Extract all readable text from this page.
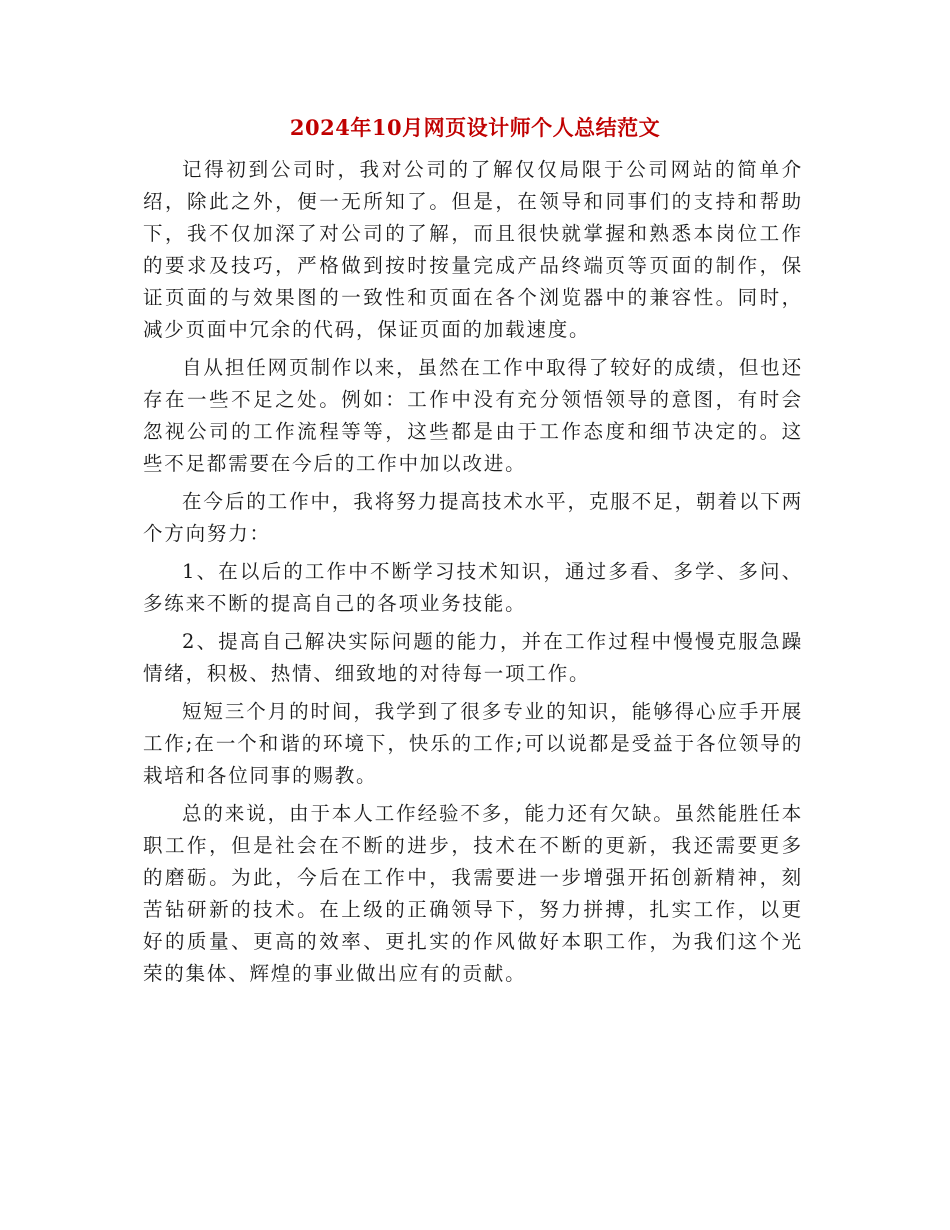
2024年10月网页设计师个人总结范文

记得初到公司时，我对公司的了解仅仅局限于公司网站的简单介绍，除此之外，便一无所知了。但是，在领导和同事们的支持和帮助下，我不仅加深了对公司的了解，而且很快就掌握和熟悉本岗位工作的要求及技巧，严格做到按时按量完成产品终端页等页面的制作，保证页面的与效果图的一致性和页面在各个浏览器中的兼容性。同时，减少页面中冗余的代码，保证页面的加载速度。

自从担任网页制作以来，虽然在工作中取得了较好的成绩，但也还存在一些不足之处。例如：工作中没有充分领悟领导的意图，有时会忽视公司的工作流程等等，这些都是由于工作态度和细节决定的。这些不足都需要在今后的工作中加以改进。

在今后的工作中，我将努力提高技术水平，克服不足，朝着以下两个方向努力：

1、在以后的工作中不断学习技术知识，通过多看、多学、多问、多练来不断的提高自己的各项业务技能。

2、提高自己解决实际问题的能力，并在工作过程中慢慢克服急躁情绪，积极、热情、细致地的对待每一项工作。

短短三个月的时间，我学到了很多专业的知识，能够得心应手开展工作;在一个和谐的环境下，快乐的工作;可以说都是受益于各位领导的栽培和各位同事的赐教。

总的来说，由于本人工作经验不多，能力还有欠缺。虽然能胜任本职工作，但是社会在不断的进步，技术在不断的更新，我还需要更多的磨砺。为此，今后在工作中，我需要进一步增强开拓创新精神，刻苦钻研新的技术。在上级的正确领导下，努力拼搏，扎实工作，以更好的质量、更高的效率、更扎实的作风做好本职工作，为我们这个光荣的集体、辉煌的事业做出应有的贡献。
